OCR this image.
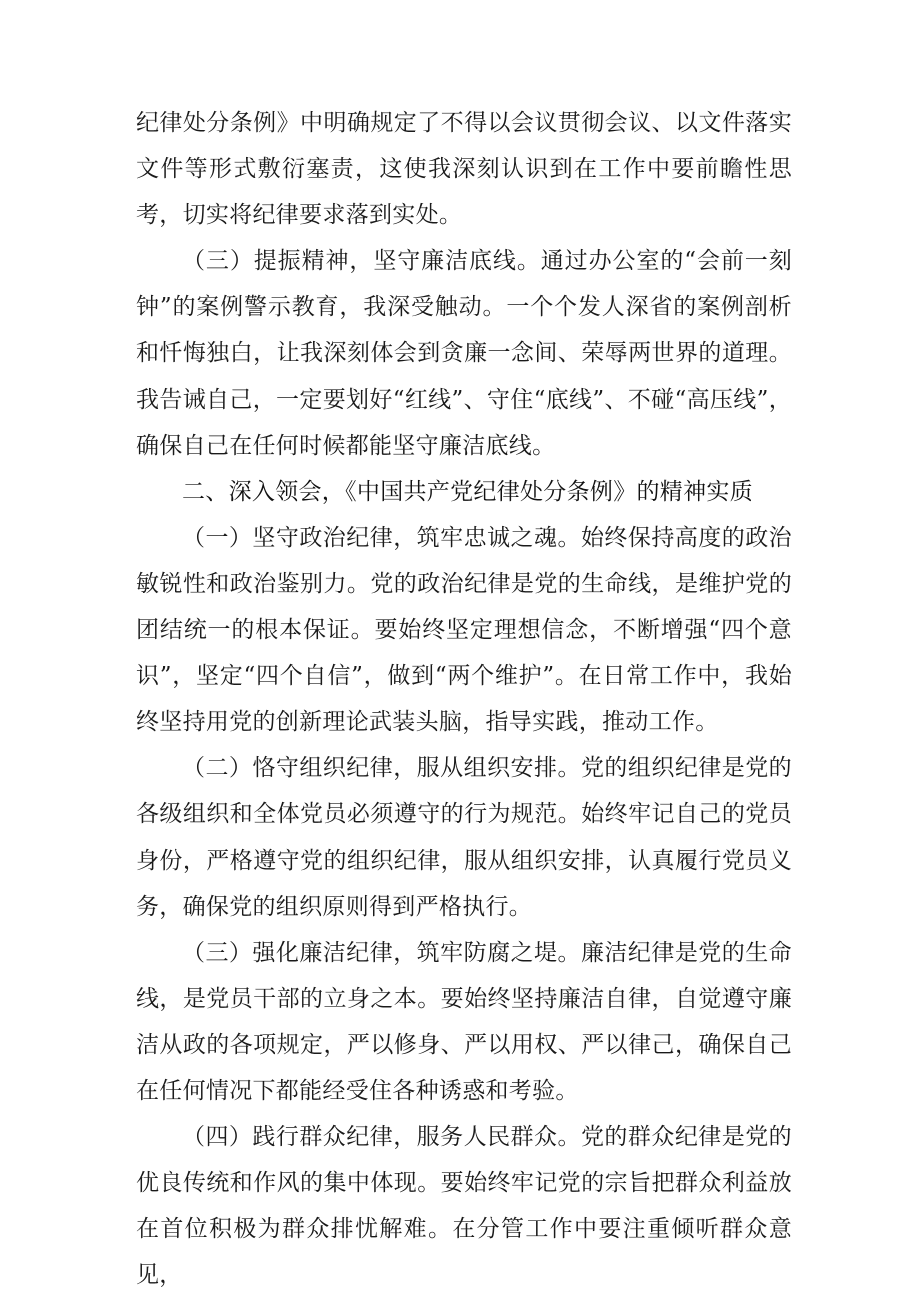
纪律处分条例》中明确规定了不得以会议贯彻会议、以文件落实文件等形式敷衍塞责，这使我深刻认识到在工作中要前瞻性思考，切实将纪律要求落到实处。

（三）提振精神，坚守廉洁底线。通过办公室的“会前一刻钟”的案例警示教育，我深受触动。一个个发人深省的案例剖析和忏悔独白，让我深刻体会到贪廉一念间、荣辱两世界的道理。我告诫自己，一定要划好“红线”、守住“底线”、不碰“高压线”，确保自己在任何时候都能坚守廉洁底线。

二、深入领会，《中国共产党纪律处分条例》的精神实质

（一）坚守政治纪律，筑牢忠诚之魂。始终保持高度的政治敏锐性和政治鉴别力。党的政治纪律是党的生命线，是维护党的团结统一的根本保证。要始终坚定理想信念，不断增强“四个意识”，坚定“四个自信”，做到“两个维护”。在日常工作中，我始终坚持用党的创新理论武装头脑，指导实践，推动工作。

（二）恪守组织纪律，服从组织安排。党的组织纪律是党的各级组织和全体党员必须遵守的行为规范。始终牢记自己的党员身份，严格遵守党的组织纪律，服从组织安排，认真履行党员义务，确保党的组织原则得到严格执行。

（三）强化廉洁纪律，筑牢防腐之堤。廉洁纪律是党的生命线，是党员干部的立身之本。要始终坚持廉洁自律，自觉遵守廉洁从政的各项规定，严以修身、严以用权、严以律己，确保自己在任何情况下都能经受住各种诱惑和考验。

（四）践行群众纪律，服务人民群众。党的群众纪律是党的优良传统和作风的集中体现。要始终牢记党的宗旨把群众利益放在首位积极为群众排忧解难。在分管工作中要注重倾听群众意见，
